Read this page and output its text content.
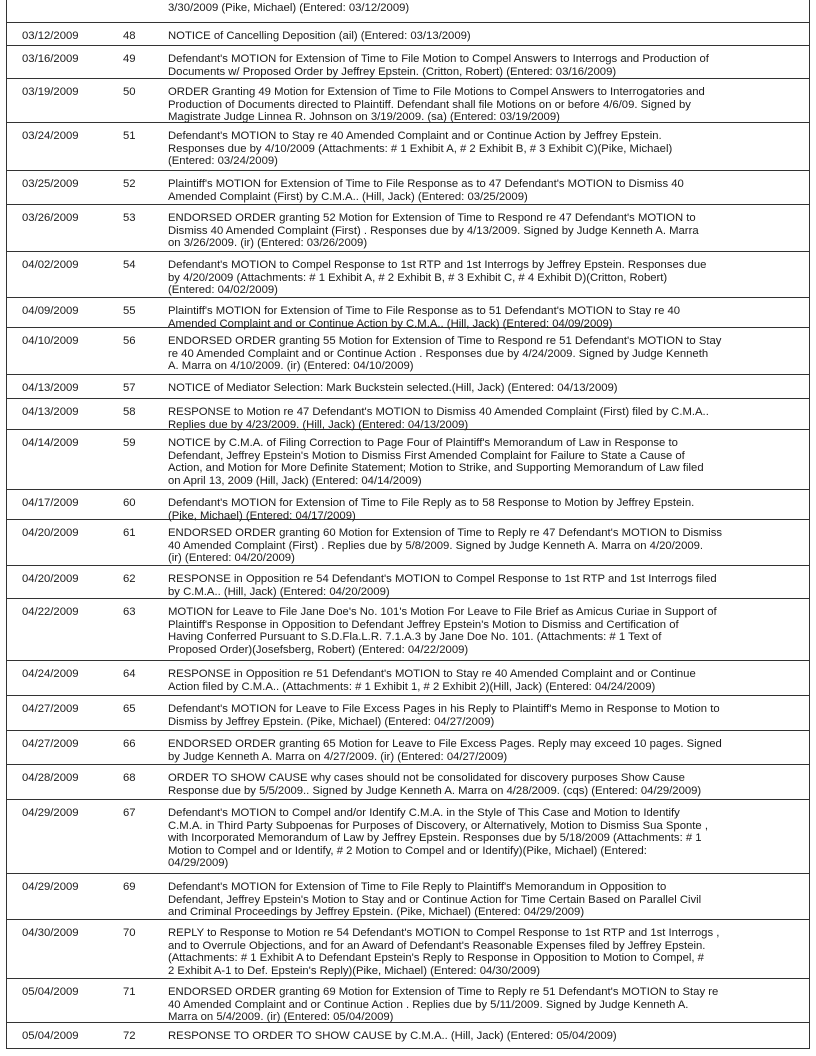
3/30/2009 (Pike, Michael) (Entered: 03/12/2009)
03/12/2009	48	NOTICE of Cancelling Deposition (ail) (Entered: 03/13/2009)
03/16/2009	49	Defendant's MOTION for Extension of Time to File Motion to Compel Answers to Interrogs and Production of
Documents w/ Proposed Order by Jeffrey Epstein. (Critton, Robert) (Entered: 03/16/2009)
03/19/2009	50	ORDER Granting 49 Motion for Extension of Time to File Motions to Compel Answers to Interrogatories and
Production of Documents directed to Plaintiff. Defendant shall file Motions on or before 4/6/09. Signed by
Magistrate Judge Linnea R. Johnson on 3/19/2009. (sa) (Entered: 03/19/2009)
03/24/2009	51	Defendant's MOTION to Stay re 40 Amended Complaint and or Continue Action by Jeffrey Epstein.
Responses due by 4/10/2009 (Attachments: # 1 Exhibit A, # 2 Exhibit B, # 3 Exhibit C)(Pike, Michael)
(Entered: 03/24/2009)
03/25/2009	52	Plaintiff's MOTION for Extension of Time to File Response as to 47 Defendant's MOTION to Dismiss 40
Amended Complaint (First) by C.M.A.. (Hill, Jack) (Entered: 03/25/2009)
03/26/2009	53	ENDORSED ORDER granting 52 Motion for Extension of Time to Respond re 47 Defendant's MOTION to
Dismiss 40 Amended Complaint (First) . Responses due by 4/13/2009. Signed by Judge Kenneth A. Marra
on 3/26/2009. (ir) (Entered: 03/26/2009)
04/02/2009	54	Defendant's MOTION to Compel Response to 1st RTP and 1st Interrogs by Jeffrey Epstein. Responses due
by 4/20/2009 (Attachments: # 1 Exhibit A, # 2 Exhibit B, # 3 Exhibit C, # 4 Exhibit D)(Critton, Robert)
(Entered: 04/02/2009)
04/09/2009	55	Plaintiff's MOTION for Extension of Time to File Response as to 51 Defendant's MOTION to Stay re 40
Amended Complaint and or Continue Action by C.M.A.. (Hill, Jack) (Entered: 04/09/2009)
04/10/2009	56	ENDORSED ORDER granting 55 Motion for Extension of Time to Respond re 51 Defendant's MOTION to Stay
re 40 Amended Complaint and or Continue Action . Responses due by 4/24/2009. Signed by Judge Kenneth
A. Marra on 4/10/2009. (ir) (Entered: 04/10/2009)
04/13/2009	57	NOTICE of Mediator Selection: Mark Buckstein selected.(Hill, Jack) (Entered: 04/13/2009)
04/13/2009	58	RESPONSE to Motion re 47 Defendant's MOTION to Dismiss 40 Amended Complaint (First) filed by C.M.A..
Replies due by 4/23/2009. (Hill, Jack) (Entered: 04/13/2009)
04/14/2009	59	NOTICE by C.M.A. of Filing Correction to Page Four of Plaintiff's Memorandum of Law in Response to
Defendant, Jeffrey Epstein's Motion to Dismiss First Amended Complaint for Failure to State a Cause of
Action, and Motion for More Definite Statement; Motion to Strike, and Supporting Memorandum of Law filed
on April 13, 2009 (Hill, Jack) (Entered: 04/14/2009)
04/17/2009	60	Defendant's MOTION for Extension of Time to File Reply as to 58 Response to Motion by Jeffrey Epstein.
(Pike, Michael) (Entered: 04/17/2009)
04/20/2009	61	ENDORSED ORDER granting 60 Motion for Extension of Time to Reply re 47 Defendant's MOTION to Dismiss
40 Amended Complaint (First) . Replies due by 5/8/2009. Signed by Judge Kenneth A. Marra on 4/20/2009.
(ir) (Entered: 04/20/2009)
04/20/2009	62	RESPONSE in Opposition re 54 Defendant's MOTION to Compel Response to 1st RTP and 1st Interrogs filed
by C.M.A.. (Hill, Jack) (Entered: 04/20/2009)
04/22/2009	63	MOTION for Leave to File Jane Doe's No. 101's Motion For Leave to File Brief as Amicus Curiae in Support of
Plaintiff's Response in Opposition to Defendant Jeffrey Epstein's Motion to Dismiss and Certification of
Having Conferred Pursuant to S.D.Fla.L.R. 7.1.A.3 by Jane Doe No. 101. (Attachments: # 1 Text of
Proposed Order)(Josefsberg, Robert) (Entered: 04/22/2009)
04/24/2009	64	RESPONSE in Opposition re 51 Defendant's MOTION to Stay re 40 Amended Complaint and or Continue
Action filed by C.M.A.. (Attachments: # 1 Exhibit 1, # 2 Exhibit 2)(Hill, Jack) (Entered: 04/24/2009)
04/27/2009	65	Defendant's MOTION for Leave to File Excess Pages in his Reply to Plaintiff's Memo in Response to Motion to
Dismiss by Jeffrey Epstein. (Pike, Michael) (Entered: 04/27/2009)
04/27/2009	66	ENDORSED ORDER granting 65 Motion for Leave to File Excess Pages. Reply may exceed 10 pages. Signed
by Judge Kenneth A. Marra on 4/27/2009. (ir) (Entered: 04/27/2009)
04/28/2009	68	ORDER TO SHOW CAUSE why cases should not be consolidated for discovery purposes Show Cause
Response due by 5/5/2009.. Signed by Judge Kenneth A. Marra on 4/28/2009. (cqs) (Entered: 04/29/2009)
04/29/2009	67	Defendant's MOTION to Compel and/or Identify C.M.A. in the Style of This Case and Motion to Identify
C.M.A. in Third Party Subpoenas for Purposes of Discovery, or Alternatively, Motion to Dismiss Sua Sponte ,
with Incorporated Memorandum of Law by Jeffrey Epstein. Responses due by 5/18/2009 (Attachments: # 1
Motion to Compel and or Identify, # 2 Motion to Compel and or Identify)(Pike, Michael) (Entered:
04/29/2009)
04/29/2009	69	Defendant's MOTION for Extension of Time to File Reply to Plaintiff's Memorandum in Opposition to
Defendant, Jeffrey Epstein's Motion to Stay and or Continue Action for Time Certain Based on Parallel Civil
and Criminal Proceedings by Jeffrey Epstein. (Pike, Michael) (Entered: 04/29/2009)
04/30/2009	70	REPLY to Response to Motion re 54 Defendant's MOTION to Compel Response to 1st RTP and 1st Interrogs ,
and to Overrule Objections, and for an Award of Defendant's Reasonable Expenses filed by Jeffrey Epstein.
(Attachments: # 1 Exhibit A to Defendant Epstein's Reply to Response in Opposition to Motion to Compel, #
2 Exhibit A-1 to Def. Epstein's Reply)(Pike, Michael) (Entered: 04/30/2009)
05/04/2009	71	ENDORSED ORDER granting 69 Motion for Extension of Time to Reply re 51 Defendant's MOTION to Stay re
40 Amended Complaint and or Continue Action . Replies due by 5/11/2009. Signed by Judge Kenneth A.
Marra on 5/4/2009. (ir) (Entered: 05/04/2009)
05/04/2009	72	RESPONSE TO ORDER TO SHOW CAUSE by C.M.A.. (Hill, Jack) (Entered: 05/04/2009)
